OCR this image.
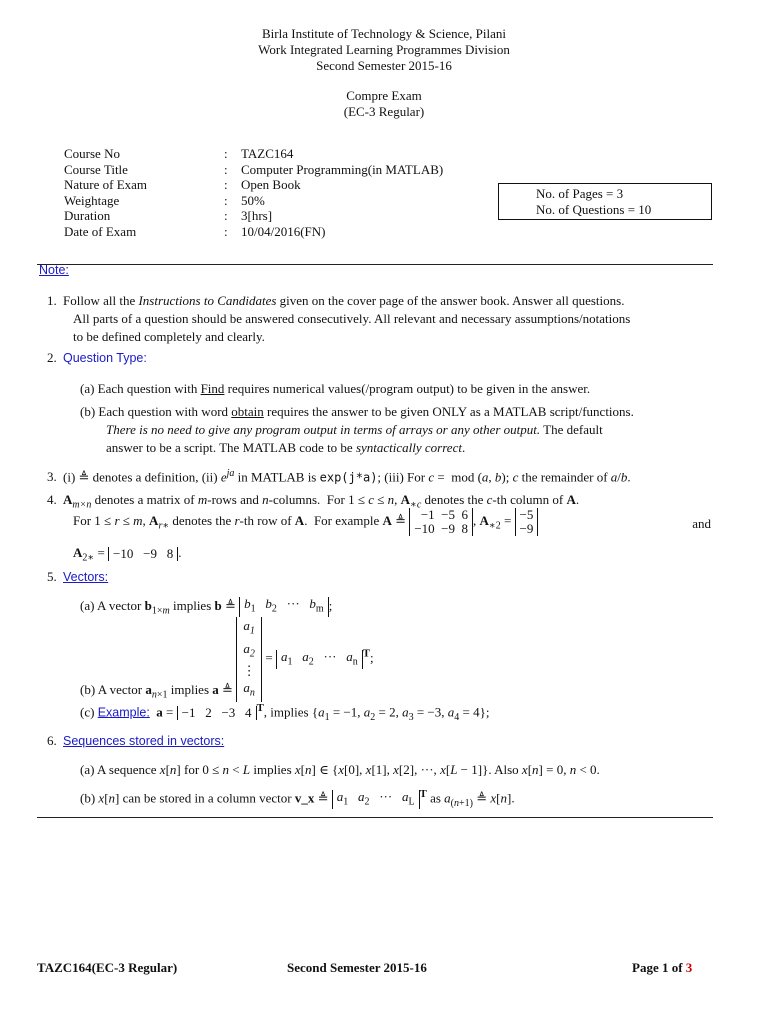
Birla Institute of Technology & Science, Pilani
Work Integrated Learning Programmes Division
Second Semester 2015-16
Compre Exam
(EC-3 Regular)
Course No	: TAZC164
Course Title	: Computer Programming(in MATLAB)
Nature of Exam	: Open Book
Weightage	: 50%
Duration	: 3[hrs]
Date of Exam	: 10/04/2016(FN)
No. of Pages = 3
No. of Questions = 10
Note:
1. Follow all the Instructions to Candidates given on the cover page of the answer book. Answer all questions.
All parts of a question should be answered consecutively. All relevant and necessary assumptions/notations
to be defined completely and clearly.
2. Question Type:
(a) Each question with Find requires numerical values(/program output) to be given in the answer.
(b) Each question with word obtain requires the answer to be given ONLY as a MATLAB script/functions.
There is no need to give any program output in terms of arrays or any other output. The default
answer to be a script. The MATLAB code to be syntactically correct.
3. (i) ≜ denotes a definition, (ii) $e^{ja}$ in MATLAB is exp(j*a); (iii) For c =  mod (a, b); c the remainder of a/b.
4. $A_{m\times n}$ denotes a matrix of m-rows and n-columns.  For 1 ≤ c ≤ n, $A_{∗c}$ denotes the c-th column of A.
For 1 ≤ r ≤ m, $A_{r∗}$ denotes the r-th row of A.  For example A ≜ −1  −5  6
−10  −9  8
, $A_{∗2} = -5$
−9	and
$A_{2∗} = -10 -9$   8 .
5. Vectors:
(a) A vector $b_{1\times m}$ implies b ≜ $b_1$ $b_2$   ···   $b_m$ ;
(b) A vector $a_{n\times 1}$ implies a ≜
$a_1$
$a_2$
⋮
$a_n$
= $a_1$ $a_2$   ···   $a_n^T$;
(c) Example: a = −1   2   −3   4 $^T$, implies {$a_1 = -1$, $a_2 = 2$, $a_3 = -3$, $a_4 = 4$};
6. Sequences stored in vectors:
(a) A sequence x[n] for 0 ≤ n < L implies x[n] ∈ {x[0], x[1], x[2], ···, x[L − 1]}. Also x[n] = 0, n < 0.
(b) x[n] can be stored in a column vector v_x ≜ $a_1$ $a_2$   ···   $a_L^T$ as $a_{(n+1)}$ ≜ x[n].
TAZC164(EC-3 Regular)	Second Semester 2015-16	Page 1 of 3
